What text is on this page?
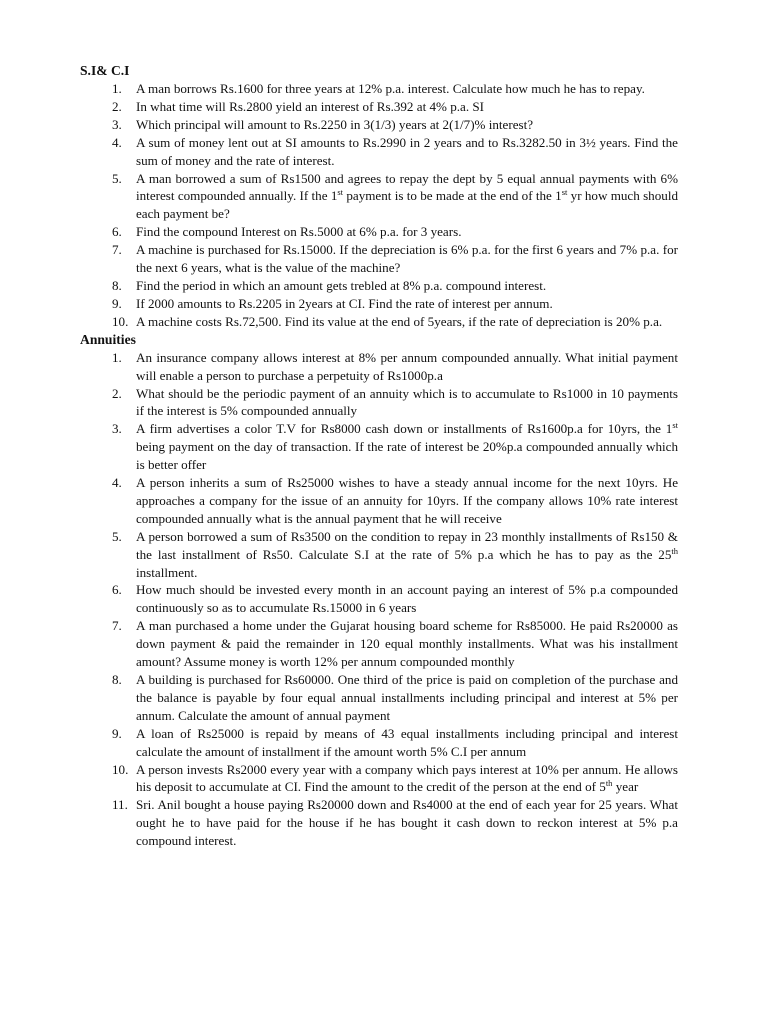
S.I& C.I
1.	A man borrows Rs.1600 for three years at 12% p.a. interest. Calculate how much he has to repay.
2.	In what time will Rs.2800 yield an interest of Rs.392 at 4% p.a. SI
3.	Which principal will amount to Rs.2250 in 3(1/3) years at 2(1/7)% interest?
4.	A sum of money lent out at SI amounts to Rs.2990 in 2 years and to Rs.3282.50 in 3½ years. Find the sum of money and the rate of interest.
5.	A man borrowed a sum of Rs1500 and agrees to repay the dept by 5 equal annual payments with 6% interest compounded annually. If the 1st payment is to be made at the end of the 1st yr how much should each payment be?
6.	Find the compound Interest on Rs.5000 at 6% p.a. for 3 years.
7.	A machine is purchased for Rs.15000. If the depreciation is 6% p.a. for the first 6 years and 7% p.a. for the next 6 years, what is the value of the machine?
8.	Find the period in which an amount gets trebled at 8% p.a. compound interest.
9.	If 2000 amounts to Rs.2205 in 2years at CI. Find the rate of interest per annum.
10. A machine costs Rs.72,500. Find its value at the end of 5years, if the rate of depreciation is 20% p.a.
Annuities
1.	An insurance company allows interest at 8% per annum compounded annually. What initial payment will enable a person to purchase a perpetuity of Rs1000p.a
2.	What should be the periodic payment of an annuity which is to accumulate to Rs1000 in 10 payments if the interest is 5% compounded annually
3.	A firm advertises a color T.V for Rs8000 cash down or installments of Rs1600p.a for 10yrs, the 1st being payment on the day of transaction. If the rate of interest be 20%p.a compounded annually which is better offer
4.	A person inherits a sum of Rs25000 wishes to have a steady annual income for the next 10yrs. He approaches a company for the issue of an annuity for 10yrs. If the company allows 10% rate interest compounded annually what is the annual payment that he will receive
5.	A person borrowed a sum of Rs3500 on the condition to repay in 23 monthly installments of Rs150 & the last installment of Rs50. Calculate S.I at the rate of 5% p.a which he has to pay as the 25th installment.
6.	How much should be invested every month in an account paying an interest of 5% p.a compounded continuously so as to accumulate Rs.15000 in 6 years
7.	A man purchased a home under the Gujarat housing board scheme for Rs85000. He paid Rs20000 as down payment & paid the remainder in 120 equal monthly installments. What was his installment amount? Assume money is worth 12% per annum compounded monthly
8.	A building is purchased for Rs60000. One third of the price is paid on completion of the purchase and the balance is payable by four equal annual installments including principal and interest at 5% per annum. Calculate the amount of annual payment
9.	A loan of Rs25000 is repaid by means of 43 equal installments including principal and interest calculate the amount of installment if the amount worth 5% C.I per annum
10. A person invests Rs2000 every year with a company which pays interest at 10% per annum. He allows his deposit to accumulate at CI. Find the amount to the credit of the person at the end of 5th year
11. Sri. Anil bought a house paying Rs20000 down and Rs4000 at the end of each year for 25 years. What ought he to have paid for the house if he has bought it cash down to reckon interest at 5% p.a compound interest.
